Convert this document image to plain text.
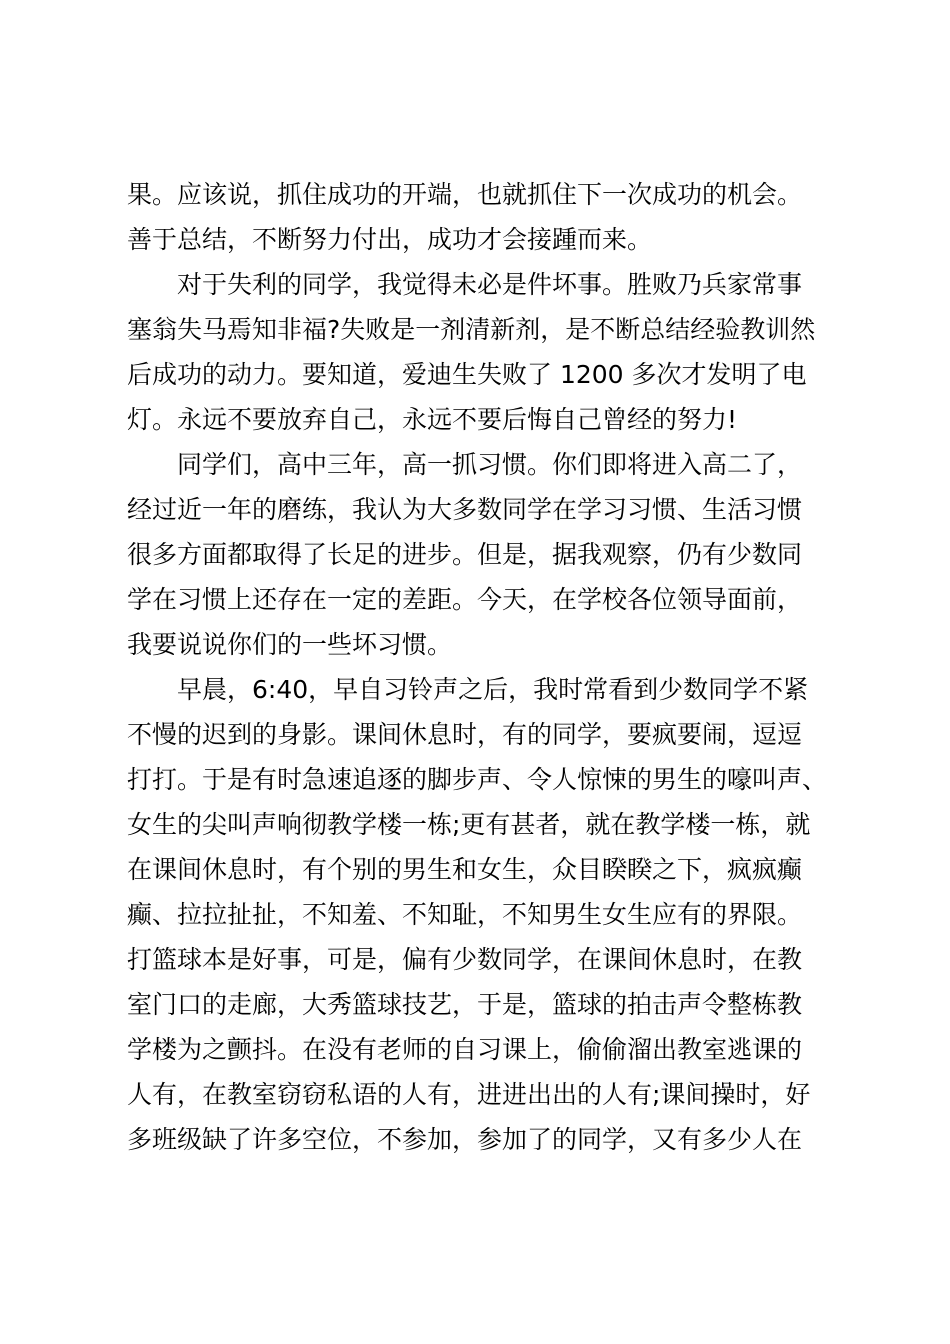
果。应该说，抓住成功的开端，也就抓住下一次成功的机会。
善于总结，不断努力付出，成功才会接踵而来。
对于失利的同学，我觉得未必是件坏事。胜败乃兵家常事
塞翁失马焉知非福?失败是一剂清新剂，是不断总结经验教训然
后成功的动力。要知道，爱迪生失败了 1200 多次才发明了电
灯。永远不要放弃自己，永远不要后悔自己曾经的努力!
同学们，高中三年，高一抓习惯。你们即将进入高二了，
经过近一年的磨练，我认为大多数同学在学习习惯、生活习惯
很多方面都取得了长足的进步。但是，据我观察，仍有少数同
学在习惯上还存在一定的差距。今天，在学校各位领导面前，
我要说说你们的一些坏习惯。
早晨，6:40，早自习铃声之后，我时常看到少数同学不紧
不慢的迟到的身影。课间休息时，有的同学，要疯要闹，逗逗
打打。于是有时急速追逐的脚步声、令人惊悚的男生的嚎叫声、
女生的尖叫声响彻教学楼一栋;更有甚者，就在教学楼一栋，就
在课间休息时，有个别的男生和女生，众目睽睽之下，疯疯癫
癫、拉拉扯扯，不知羞、不知耻，不知男生女生应有的界限。
打篮球本是好事，可是，偏有少数同学，在课间休息时，在教
室门口的走廊，大秀篮球技艺，于是，篮球的拍击声令整栋教
学楼为之颤抖。在没有老师的自习课上，偷偷溜出教室逃课的
人有，在教室窃窃私语的人有，进进出出的人有;课间操时，好
多班级缺了许多空位，不参加，参加了的同学，又有多少人在
